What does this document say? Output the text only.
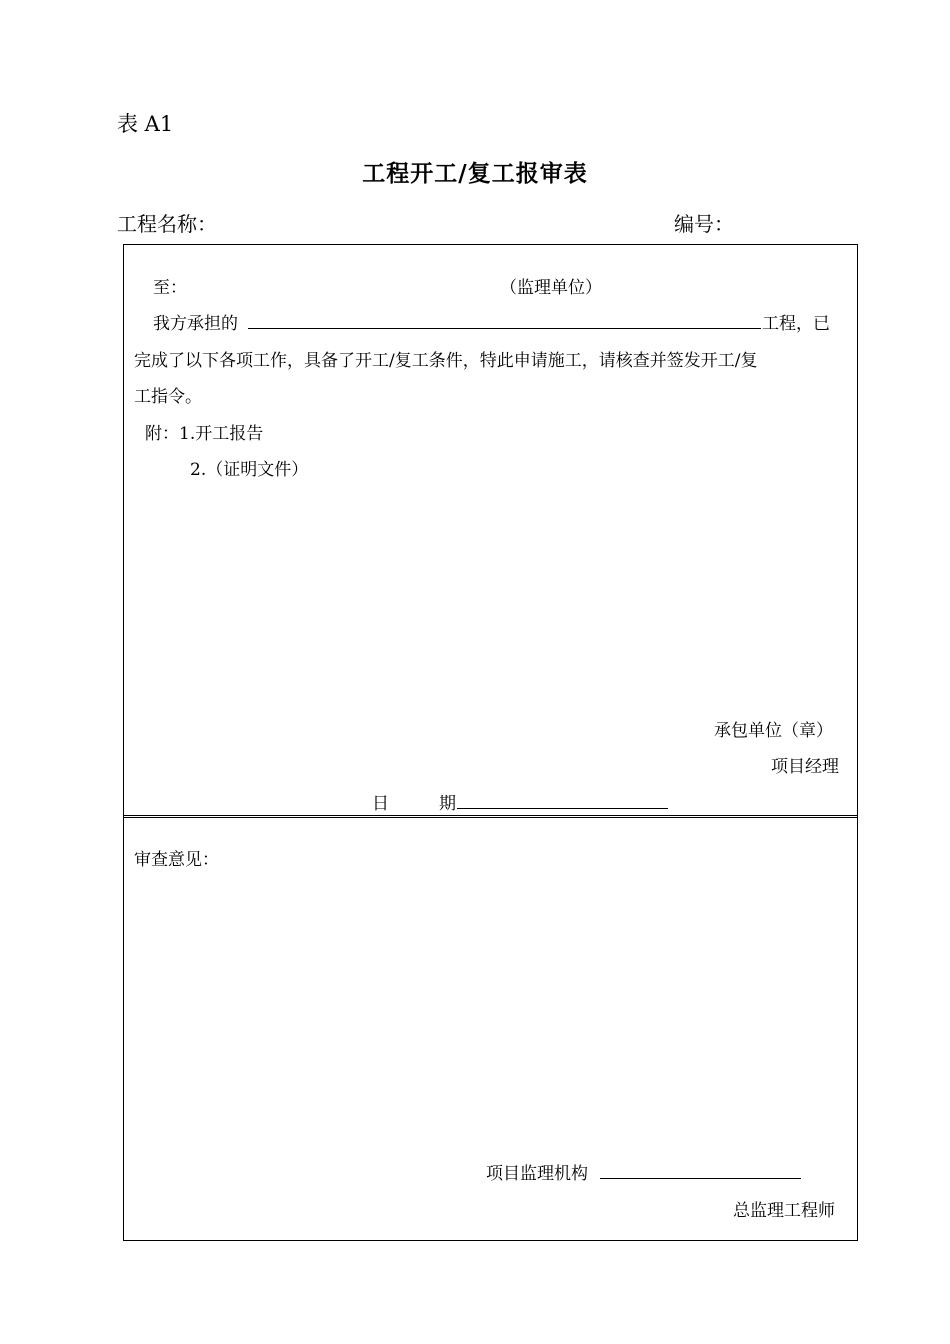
表 A1
工程开工/复工报审表
工程名称：	编号：
至：	（监理单位）
我方承担的	工程，已
完成了以下各项工作，具备了开工/复工条件，特此申请施工，请核查并签发开工/复
工指令。
附：1.开工报告
2.（证明文件）
承包单位（章）
项目经理
日	期
审查意见：
项目监理机构
总监理工程师
